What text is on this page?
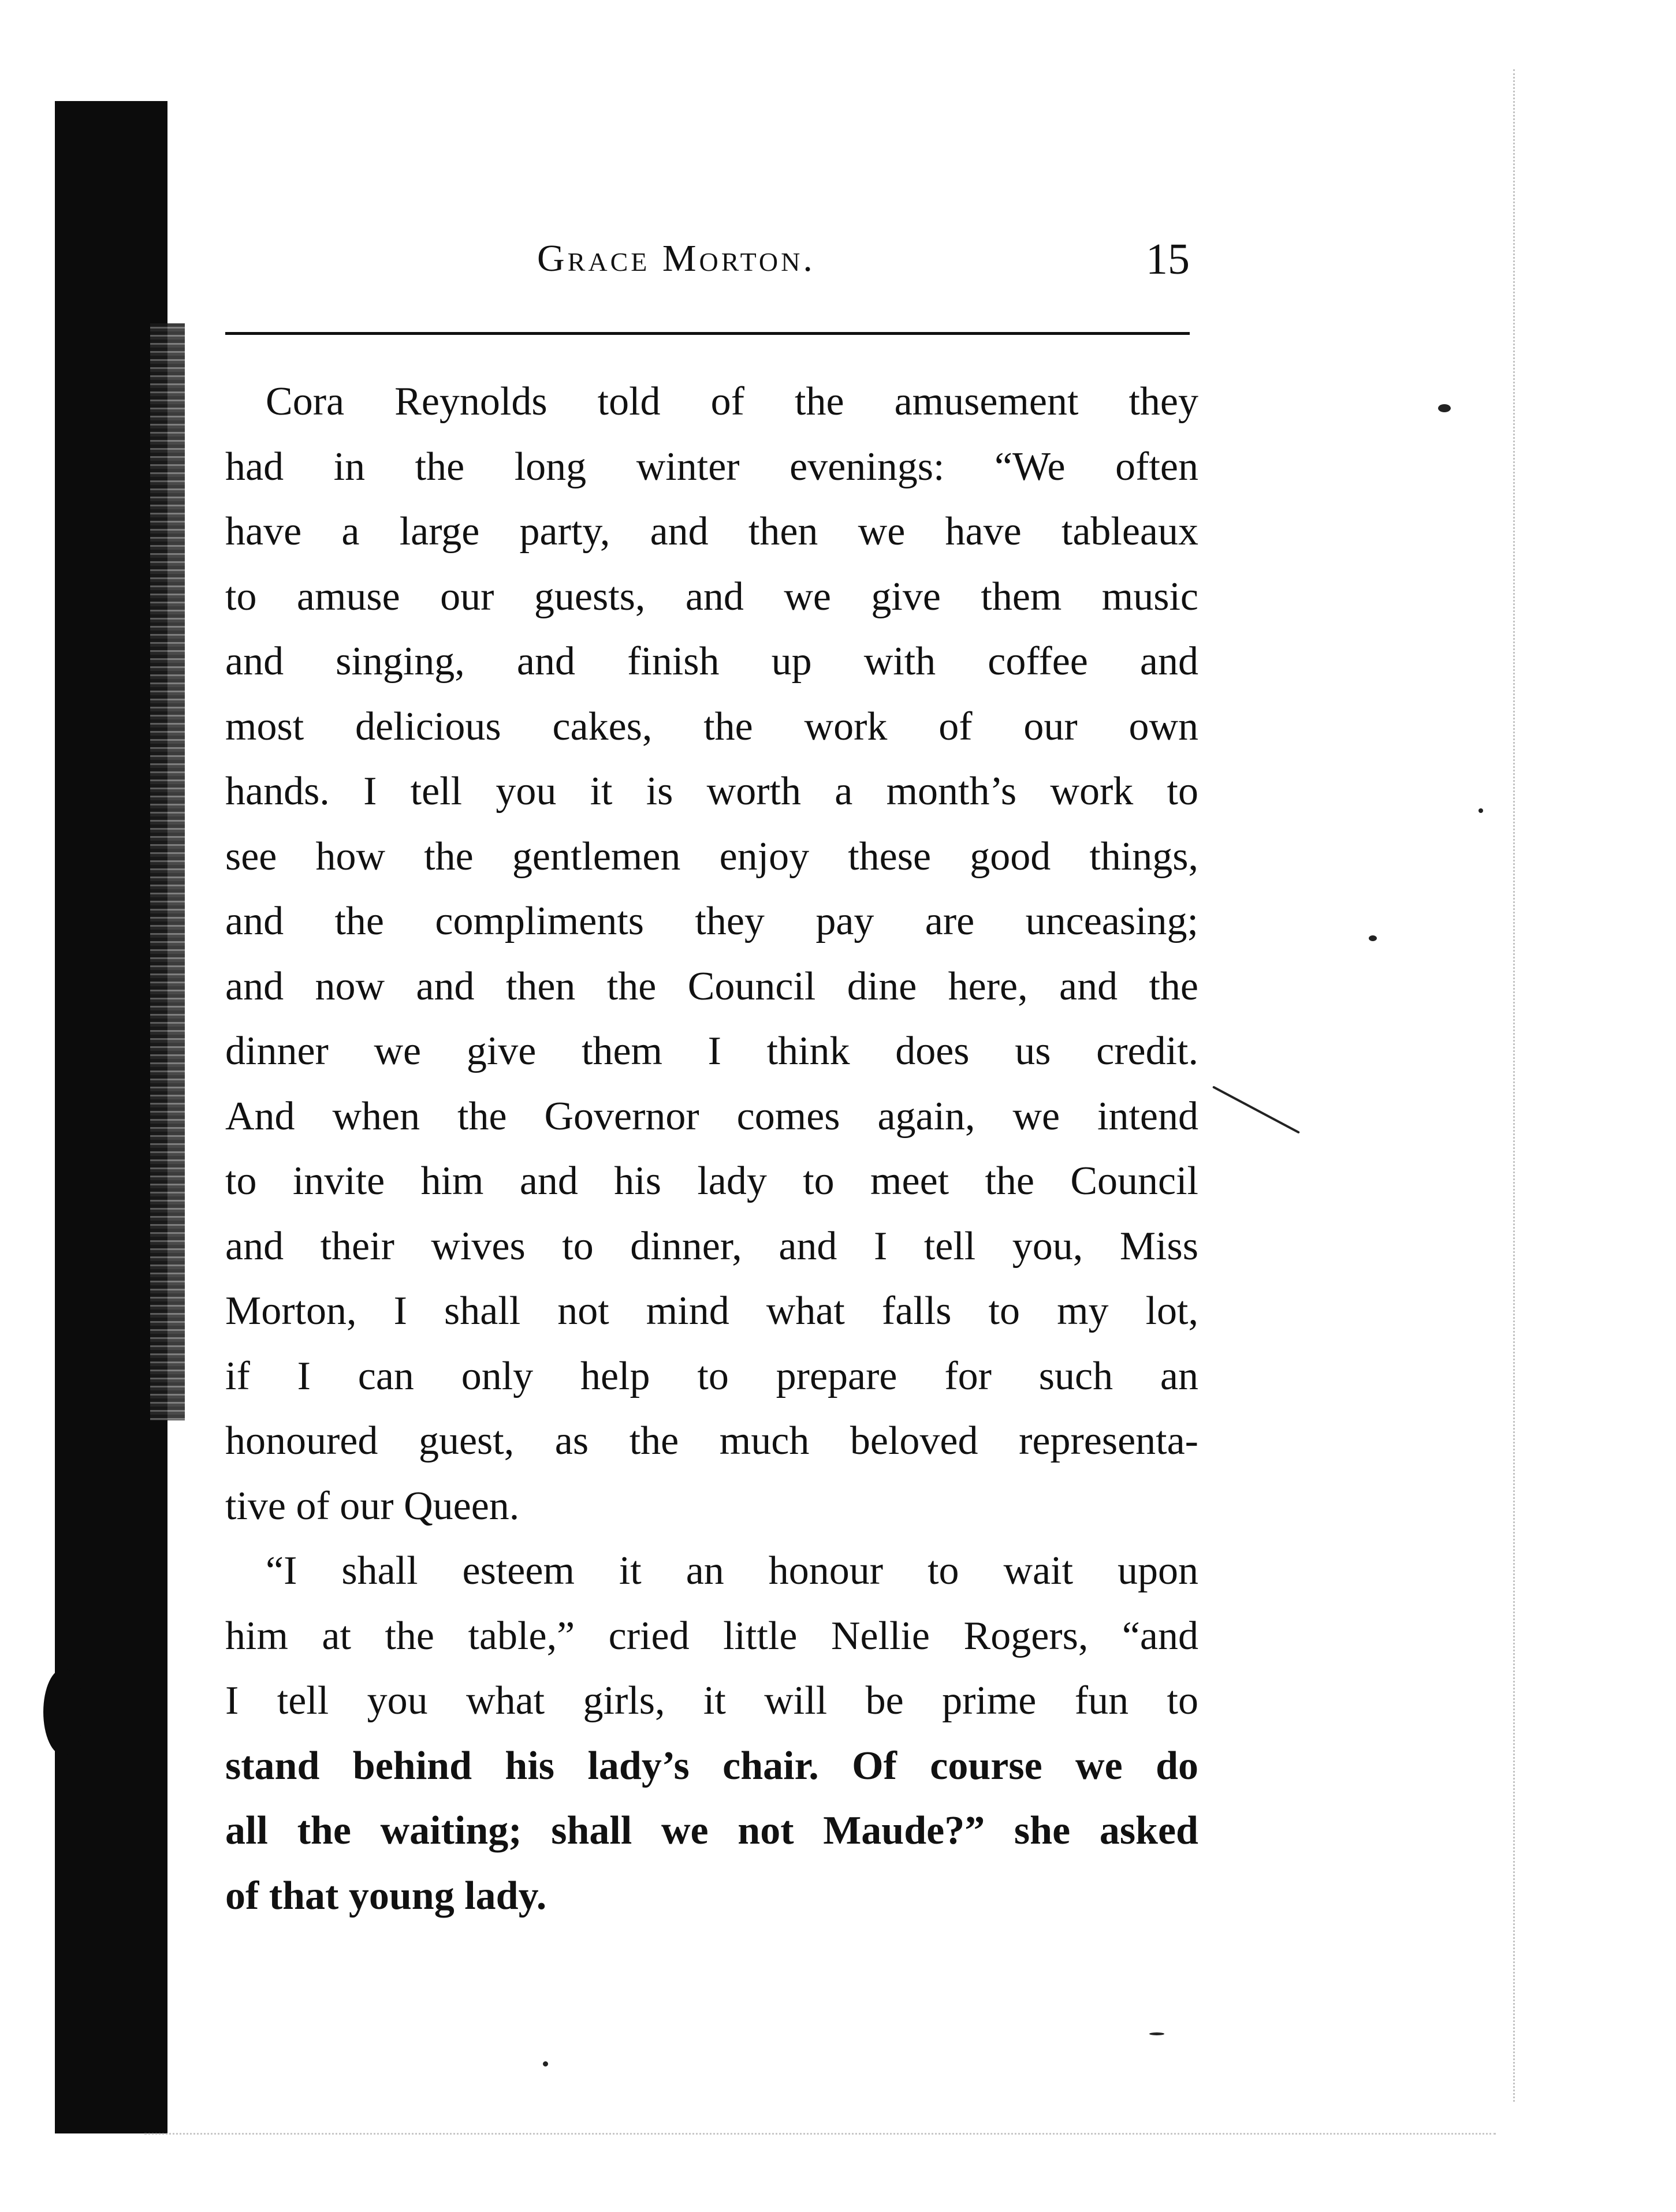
Grace Morton.	15
Cora Reynolds told of the amusement they
had in the long winter evenings: “We often
have a large party, and then we have tableaux
to amuse our guests, and we give them music
and singing, and finish up with coffee and
most delicious cakes, the work of our own
hands. I tell you it is worth a month’s work to
see how the gentlemen enjoy these good things,
and the compliments they pay are unceasing;
and now and then the Council dine here, and the
dinner we give them I think does us credit.
And when the Governor comes again, we intend
to invite him and his lady to meet the Council
and their wives to dinner, and I tell you, Miss
Morton, I shall not mind what falls to my lot,
if I can only help to prepare for such an
honoured guest, as the much beloved representa-
tive of our Queen.
“I shall esteem it an honour to wait upon
him at the table,” cried little Nellie Rogers, “and
I tell you what girls, it will be prime fun to
stand behind his lady’s chair. Of course we do
all the waiting; shall we not Maude?” she asked
of that young lady.
